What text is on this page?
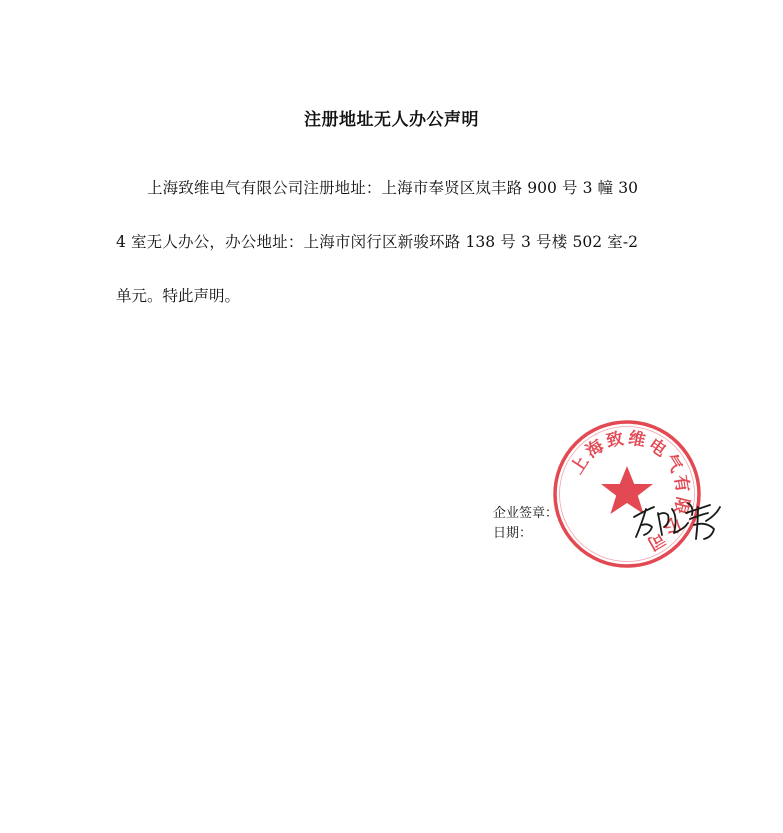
注册地址无人办公声明

上海致维电气有限公司注册地址：上海市奉贤区岚丰路 900 号 3 幢 304 室无人办公，办公地址：上海市闵行区新骏环路 138 号 3 号楼 502 室-2 单元。特此声明。

企业签章：
日期：
上海致维电气有限公司
